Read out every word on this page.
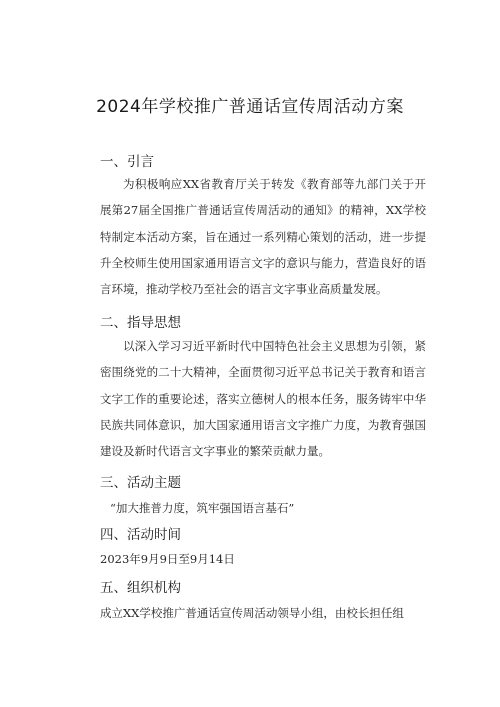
2024年学校推广普通话宣传周活动方案
一、引言

为积极响应XX省教育厅关于转发《教育部等九部门关于开展第27届全国推广普通话宣传周活动的通知》的精神，XX学校特制定本活动方案，旨在通过一系列精心策划的活动，进一步提升全校师生使用国家通用语言文字的意识与能力，营造良好的语言环境，推动学校乃至社会的语言文字事业高质量发展。

二、指导思想

以深入学习习近平新时代中国特色社会主义思想为引领，紧密围绕党的二十大精神，全面贯彻习近平总书记关于教育和语言文字工作的重要论述，落实立德树人的根本任务，服务铸牢中华民族共同体意识，加大国家通用语言文字推广力度，为教育强国建设及新时代语言文字事业的繁荣贡献力量。

三、活动主题
“加大推普力度，筑牢强国语言基石”
四、活动时间
2023年9月9日至9月14日
五、组织机构
成立XX学校推广普通话宣传周活动领导小组，由校长担任组
